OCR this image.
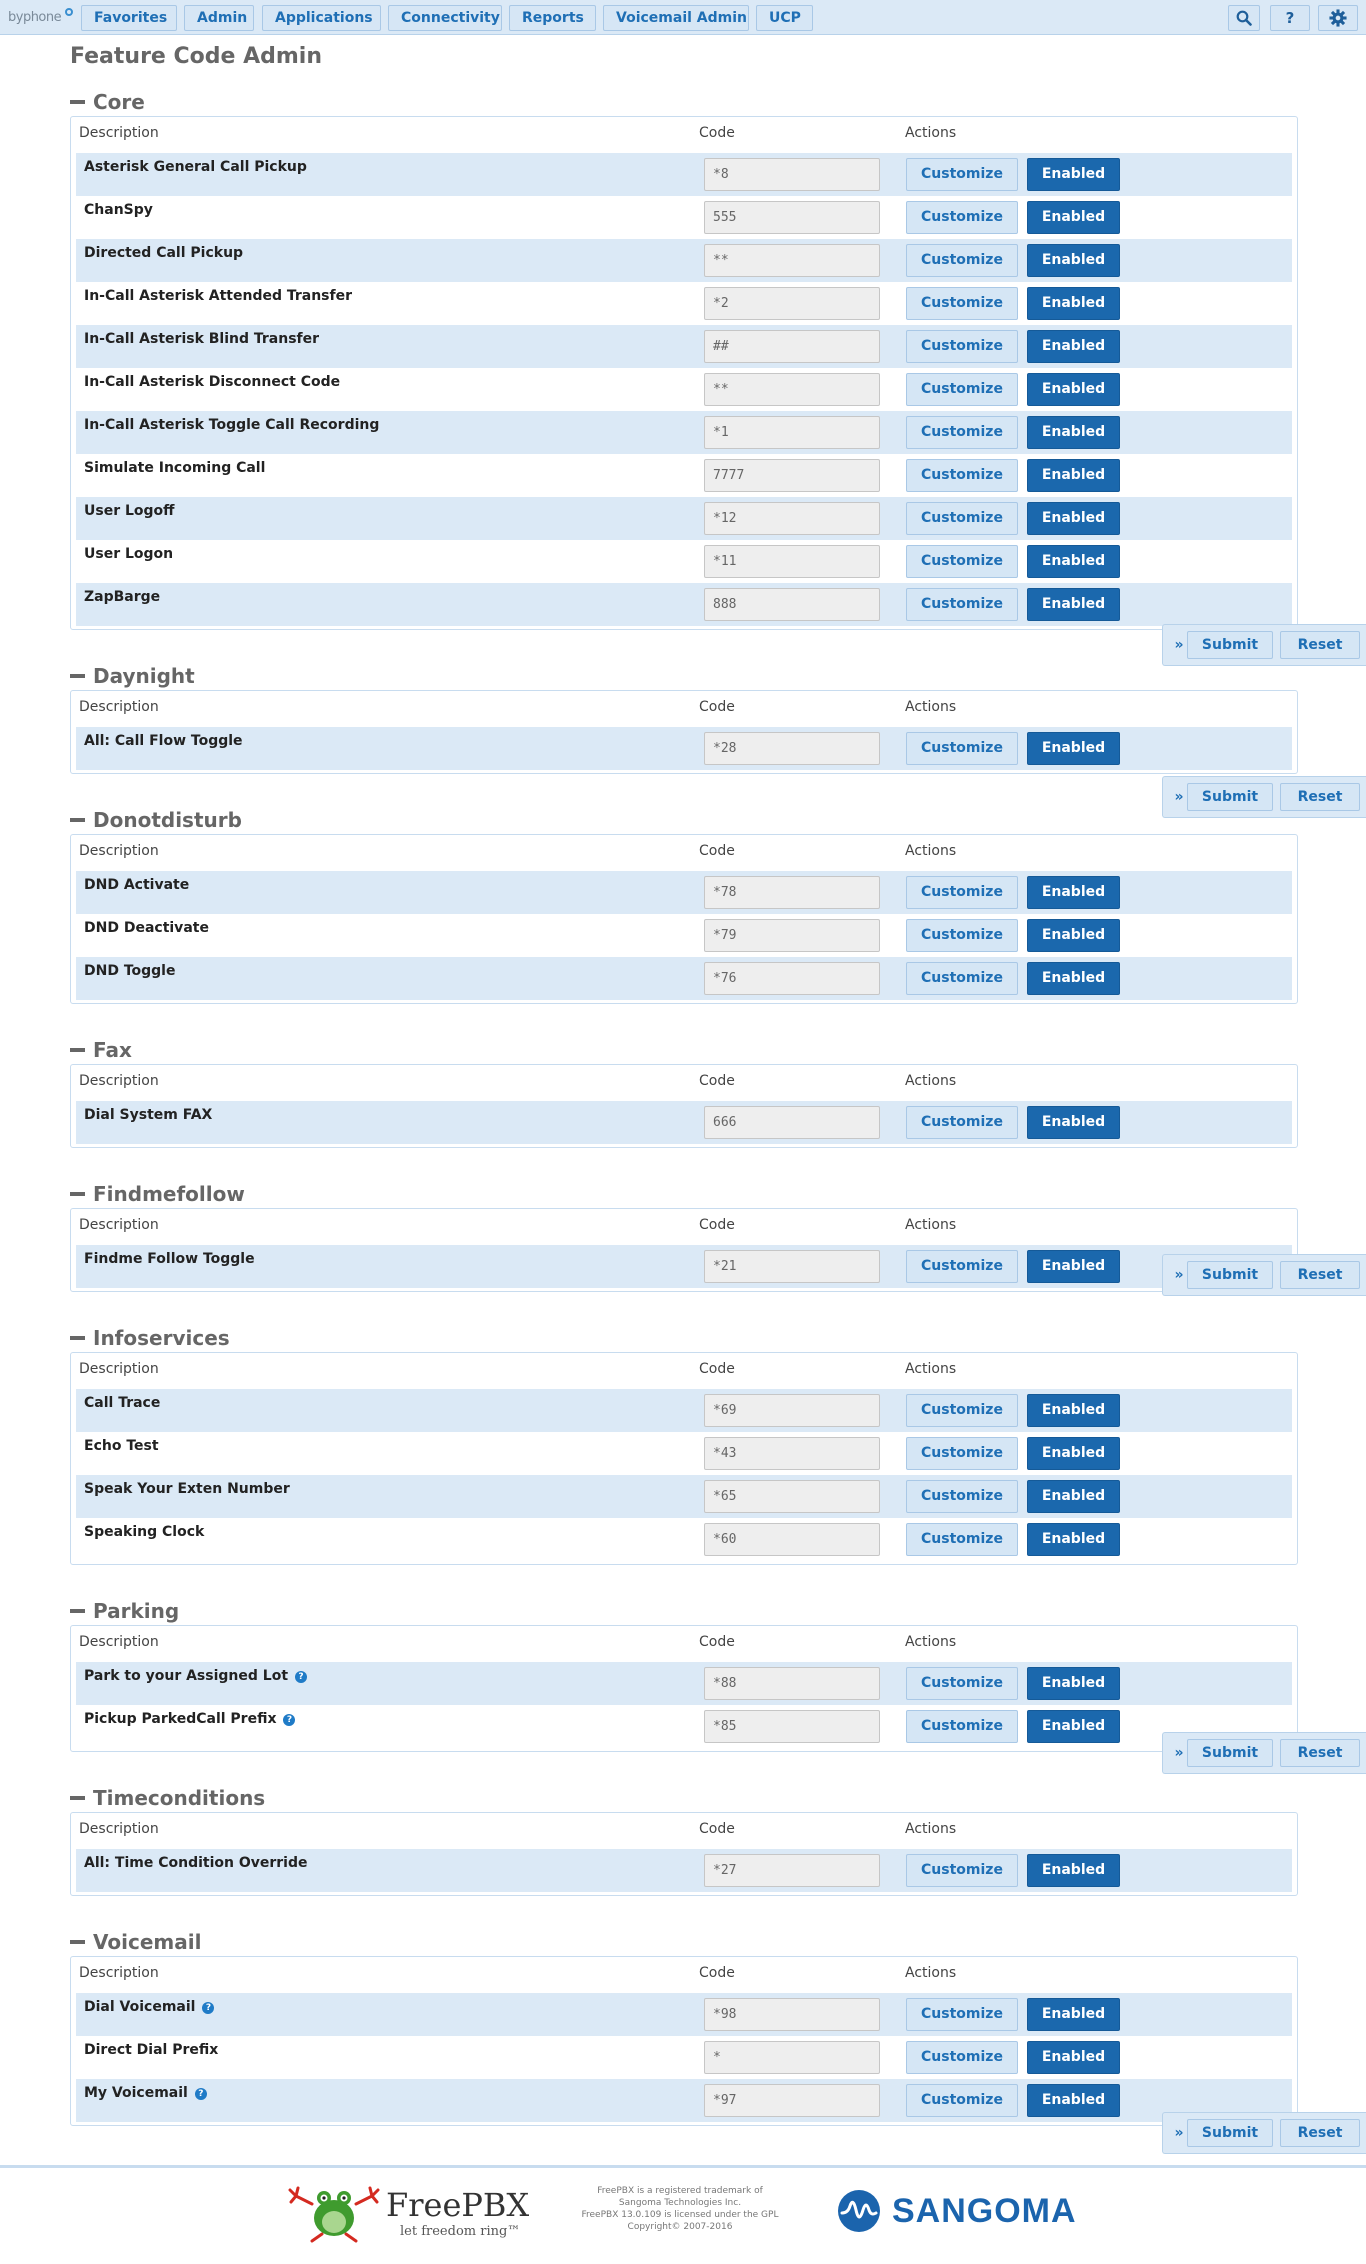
byphone	Favorites	Admin	Applications	Connectivity	Reports	Voicemail Admin	UCP	?
Feature Code Admin
Core
Description	Code	Actions
Asterisk General Call Pickup	*8	Customize	Enabled
ChanSpy	555	Customize	Enabled
Directed Call Pickup	**	Customize	Enabled
In-Call Asterisk Attended Transfer	*2	Customize	Enabled
In-Call Asterisk Blind Transfer	##	Customize	Enabled
In-Call Asterisk Disconnect Code	**	Customize	Enabled
In-Call Asterisk Toggle Call Recording	*1	Customize	Enabled
Simulate Incoming Call	7777	Customize	Enabled
User Logoff	*12	Customize	Enabled
User Logon	*11	Customize	Enabled
ZapBarge	888	Customize	Enabled
»	Submit	Reset
Daynight
Description	Code	Actions
All: Call Flow Toggle	*28	Customize	Enabled
»	Submit	Reset
Donotdisturb
Description	Code	Actions
DND Activate	*78	Customize	Enabled
DND Deactivate	*79	Customize	Enabled
DND Toggle	*76	Customize	Enabled
Fax
Description	Code	Actions
Dial System FAX	666	Customize	Enabled
Findmefollow
Description	Code	Actions
Findme Follow Toggle	*21	Customize	Enabled
»	Submit	Reset
Infoservices
Description	Code	Actions
Call Trace	*69	Customize	Enabled
Echo Test	*43	Customize	Enabled
Speak Your Exten Number	*65	Customize	Enabled
Speaking Clock	*60	Customize	Enabled
Parking
Description	Code	Actions
Park to your Assigned Lot ?	*88	Customize	Enabled
Pickup ParkedCall Prefix ?	*85	Customize	Enabled
»	Submit	Reset
Timeconditions
Description	Code	Actions
All: Time Condition Override	*27	Customize	Enabled
Voicemail
Description	Code	Actions
Dial Voicemail ?	*98	Customize	Enabled
Direct Dial Prefix	*	Customize	Enabled
My Voicemail ?	*97	Customize	Enabled
»	Submit	Reset
FreePBX
let freedom ring™
FreePBX is a registered trademark of
Sangoma Technologies Inc.
FreePBX 13.0.109 is licensed under the GPL
Copyright© 2007-2016	SANGOMA
